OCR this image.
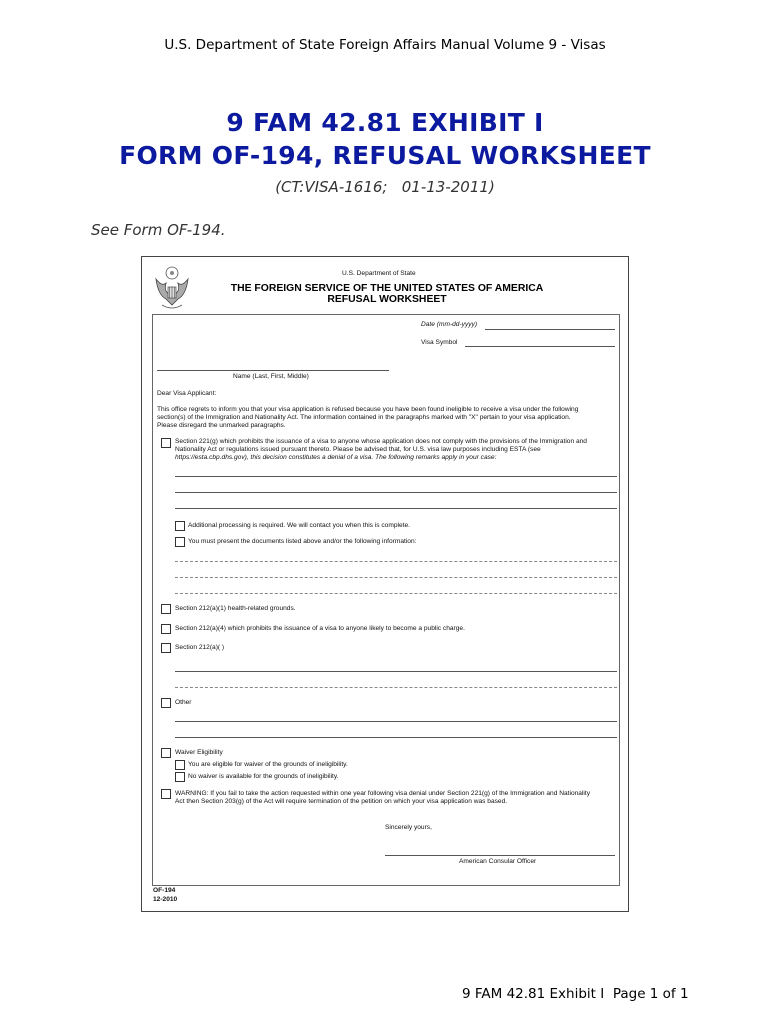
U.S. Department of State Foreign Affairs Manual Volume 9 - Visas
9 FAM 42.81 EXHIBIT I
FORM OF-194, REFUSAL WORKSHEET
(CT:VISA-1616;   01-13-2011)
See Form OF-194.
U.S. Department of State
THE FOREIGN SERVICE OF THE UNITED STATES OF AMERICA
REFUSAL WORKSHEET
Date (mm-dd-yyyy)
Visa Symbol
Name (Last, First, Middle)
Dear Visa Applicant:
This office regrets to inform you that your visa application is refused because you have been found ineligible to receive a visa under the following
section(s) of the Immigration and Nationality Act. The information contained in the paragraphs marked with "X" pertain to your visa application.
Please disregard the unmarked paragraphs.
Section 221(g) which prohibits the issuance of a visa to anyone whose application does not comply with the provisions of the Immigration and
Nationality Act or regulations issued pursuant thereto. Please be advised that, for U.S. visa law purposes including ESTA (see
https://esta.cbp.dhs.gov), this decision constitutes a denial of a visa. The following remarks apply in your case:
Additional processing is required. We will contact you when this is complete.
You must present the documents listed above and/or the following information:
Section 212(a)(1) health-related grounds.
Section 212(a)(4) which prohibits the issuance of a visa to anyone likely to become a public charge.
Section 212(a)( )
Other
Waiver Eligibility
You are eligible for waiver of the grounds of ineligibility.
No waiver is available for the grounds of ineligibility.
WARNING: If you fail to take the action requested within one year following visa denial under Section 221(g) of the Immigration and Nationality
Act then Section 203(g) of the Act will require termination of the petition on which your visa application was based.
Sincerely yours,
American Consular Officer
OF-194
12-2010
9 FAM 42.81 Exhibit I  Page 1 of 1
